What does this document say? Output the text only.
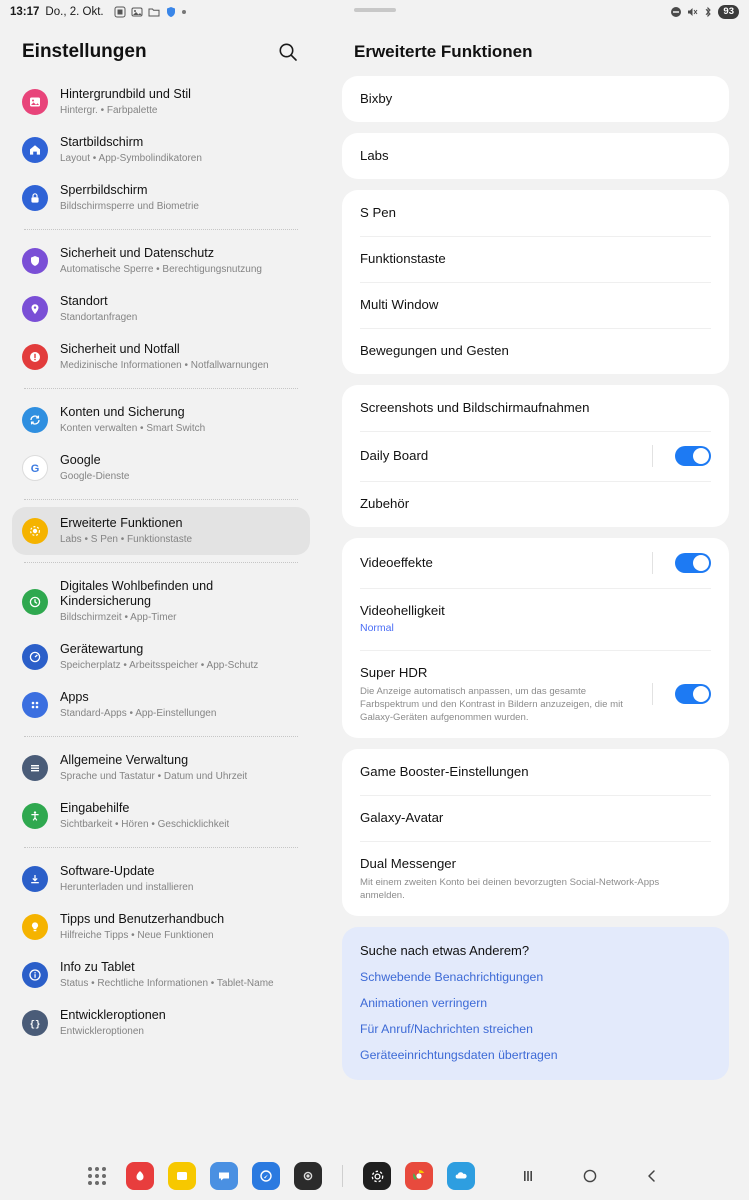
13:17 Do., 2. Okt.	93
Einstellungen
Hintergrundbild und Stil
Hintergr. • Farbpalette
Startbildschirm
Layout • App-Symbolindikatoren
Sperrbildschirm
Bildschirmsperre und Biometrie
Sicherheit und Datenschutz
Automatische Sperre • Berechtigungsnutzung
Standort
Standortanfragen
Sicherheit und Notfall
Medizinische Informationen • Notfallwarnungen
Konten und Sicherung
Konten verwalten • Smart Switch
G
Google
Google-Dienste
Erweiterte Funktionen
Labs • S Pen • Funktionstaste
Digitales Wohlbefinden und Kindersicherung
Bildschirmzeit • App-Timer
Gerätewartung
Speicherplatz • Arbeitsspeicher • App-Schutz
Apps
Standard-Apps • App-Einstellungen
Allgemeine Verwaltung
Sprache und Tastatur • Datum und Uhrzeit
Eingabehilfe
Sichtbarkeit • Hören • Geschicklichkeit
Software-Update
Herunterladen und installieren
Tipps und Benutzerhandbuch
Hilfreiche Tipps • Neue Funktionen
Info zu Tablet
Status • Rechtliche Informationen • Tablet-Name
{}
Entwickleroptionen
Entwickleroptionen
Erweiterte Funktionen
Bixby
Labs
S Pen
Funktionstaste
Multi Window
Bewegungen und Gesten
Screenshots und Bildschirmaufnahmen
Daily Board
Zubehör
Videoeffekte
Videohelligkeit
Normal
Super HDR
Die Anzeige automatisch anpassen, um das gesamte Farbspektrum und den Kontrast in Bildern anzuzeigen, die mit Galaxy-Geräten aufgenommen wurden.
Game Booster-Einstellungen
Galaxy-Avatar
Dual Messenger
Mit einem zweiten Konto bei deinen bevorzugten Social-Network-Apps anmelden.
Suche nach etwas Anderem?
Schwebende Benachrichtigungen
Animationen verringern
Für Anruf/Nachrichten streichen
Geräteeinrichtungsdaten übertragen
